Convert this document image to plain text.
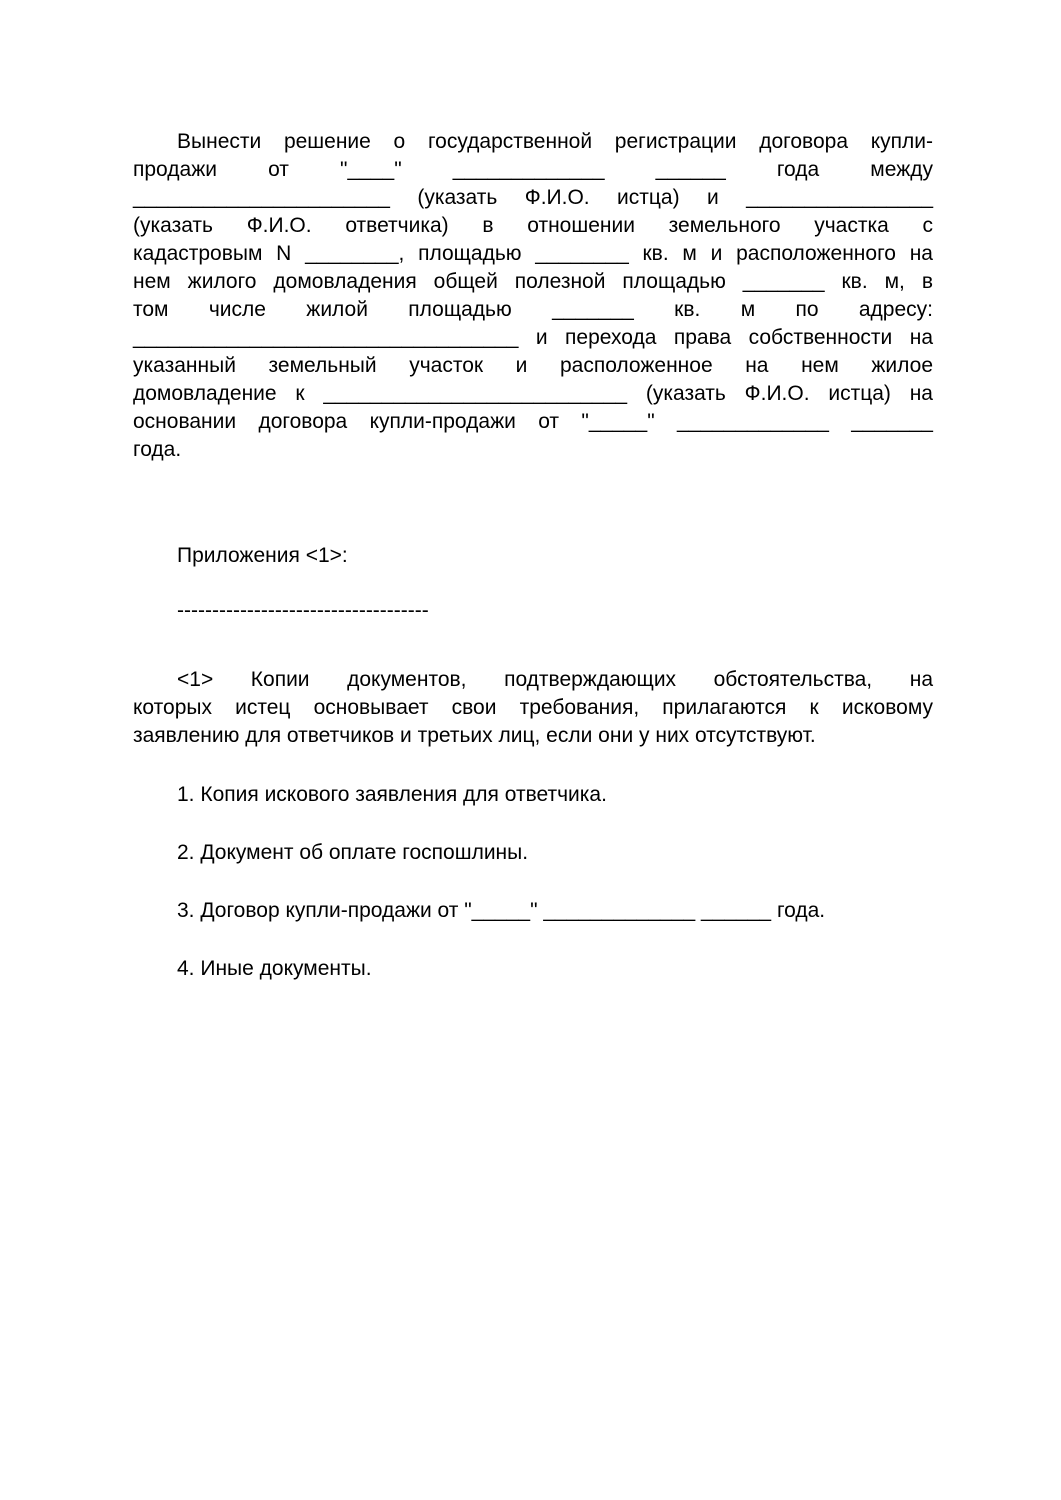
Вынести решение о государственной регистрации договора купли-
продажи от "____" _____________ ______ года между
______________________ (указать Ф.И.О. истца) и ________________
(указать Ф.И.О. ответчика) в отношении земельного участка с
кадастровым N ________, площадью ________ кв. м и расположенного на
нем жилого домовладения общей полезной площадью _______ кв. м, в
том числе жилой площадью _______ кв. м по адресу:
_________________________________ и перехода права собственности на
указанный земельный участок и расположенное на нем жилое
домовладение к __________________________ (указать Ф.И.О. истца) на
основании договора купли-продажи от "_____" _____________ _______
года.
Приложения <1>:
------------------------------------
<1> Копии документов, подтверждающих обстоятельства, на
которых истец основывает свои требования, прилагаются к исковому
заявлению для ответчиков и третьих лиц, если они у них отсутствуют.
1. Копия искового заявления для ответчика.
2. Документ об оплате госпошлины.
3. Договор купли-продажи от "_____" _____________ ______ года.
4. Иные документы.
